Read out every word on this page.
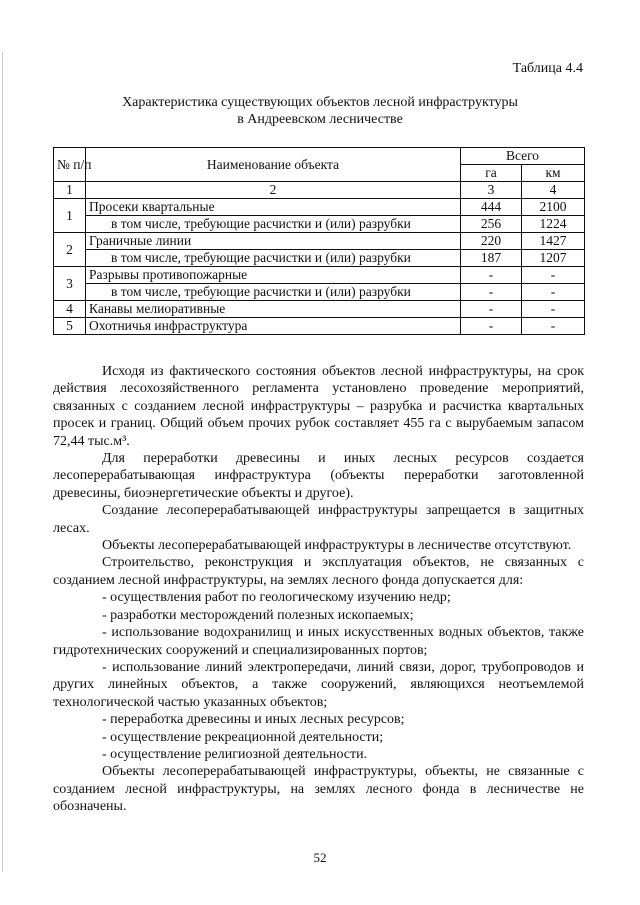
Таблица 4.4
Характеристика существующих объектов лесной инфраструктуры
в Андреевском лесничестве
№ п/п	Наименование объекта	Всего	
		га	км
1	2	3	4
1	Просеки квартальные	444	2100
	в том числе, требующие расчистки и (или) разрубки	256	1224
2	Граничные линии	220	1427
	в том числе, требующие расчистки и (или) разрубки	187	1207
3	Разрывы противопожарные	-	-
	в том числе, требующие расчистки и (или) разрубки	-	-
4	Канавы мелиоративные	-	-
5	Охотничья инфраструктура	-	-

Исходя из фактического состояния объектов лесной инфраструктуры, на срок действия лесохозяйственного регламента установлено проведение мероприятий, связанных с созданием лесной инфраструктуры – разрубка и расчистка квартальных просек и границ. Общий объем прочих рубок составляет 455 га с вырубаемым запасом 72,44 тыс.м³.

Для переработки древесины и иных лесных ресурсов создается лесоперерабатывающая инфраструктура (объекты переработки заготовленной древесины, биоэнергетические объекты и другое).

Создание лесоперерабатывающей инфраструктуры запрещается в защитных лесах.

Объекты лесоперерабатывающей инфраструктуры в лесничестве отсутствуют.

Строительство, реконструкция и эксплуатация объектов, не связанных с созданием лесной инфраструктуры, на землях лесного фонда допускается для:

- осуществления работ по геологическому изучению недр;

- разработки месторождений полезных ископаемых;

- использование водохранилищ и иных искусственных водных объектов, также гидротехнических сооружений и специализированных портов;

- использование линий электропередачи, линий связи, дорог, трубопроводов и других линейных объектов, а также сооружений, являющихся неотъемлемой технологической частью указанных объектов;

- переработка древесины и иных лесных ресурсов;

- осуществление рекреационной деятельности;

- осуществление религиозной деятельности.

Объекты лесоперерабатывающей инфраструктуры, объекты, не связанные с созданием лесной инфраструктуры, на землях лесного фонда в лесничестве не обозначены.

52
